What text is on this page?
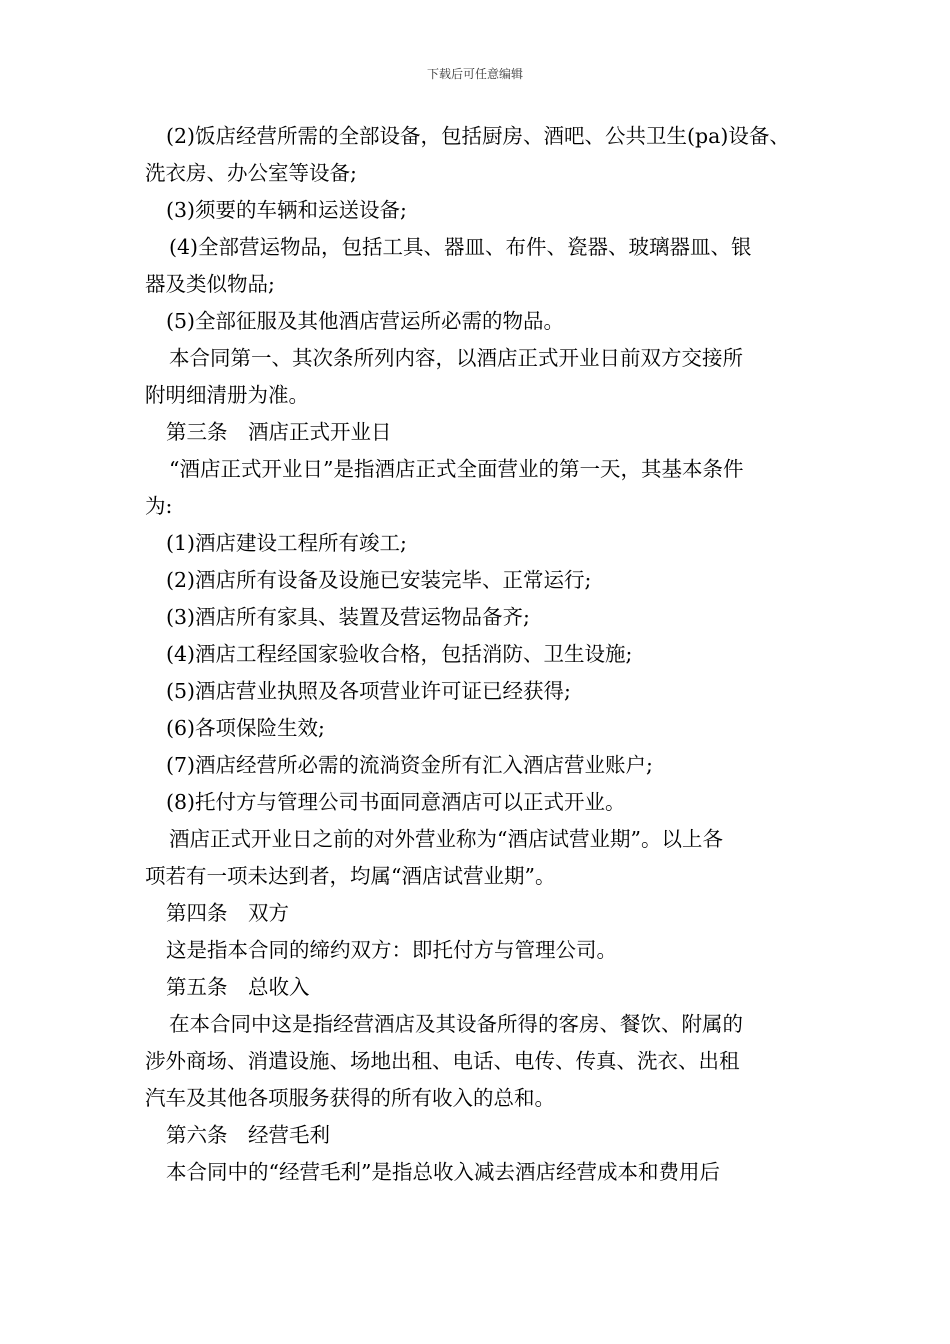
下载后可任意编辑

(2)饭店经营所需的全部设备，包括厨房、酒吧、公共卫生(pa)设备、

洗衣房、办公室等设备;

(3)须要的车辆和运送设备;

(4)全部营运物品，包括工具、器皿、布件、瓷器、玻璃器皿、银

器及类似物品;

(5)全部征服及其他酒店营运所必需的物品。

本合同第一、其次条所列内容，以酒店正式开业日前双方交接所

附明细清册为准。

第三条　酒店正式开业日

“酒店正式开业日”是指酒店正式全面营业的第一天，其基本条件

为:

(1)酒店建设工程所有竣工;

(2)酒店所有设备及设施已安装完毕、正常运行;

(3)酒店所有家具、装置及营运物品备齐;

(4)酒店工程经国家验收合格，包括消防、卫生设施;

(5)酒店营业执照及各项营业许可证已经获得;

(6)各项保险生效;

(7)酒店经营所必需的流淌资金所有汇入酒店营业账户;

(8)托付方与管理公司书面同意酒店可以正式开业。

酒店正式开业日之前的对外营业称为“酒店试营业期”。以上各

项若有一项未达到者，均属“酒店试营业期”。

第四条　双方

这是指本合同的缔约双方：即托付方与管理公司。

第五条　总收入

在本合同中这是指经营酒店及其设备所得的客房、餐饮、附属的

涉外商场、消遣设施、场地出租、电话、电传、传真、洗衣、出租

汽车及其他各项服务获得的所有收入的总和。

第六条　经营毛利

本合同中的“经营毛利”是指总收入减去酒店经营成本和费用后
